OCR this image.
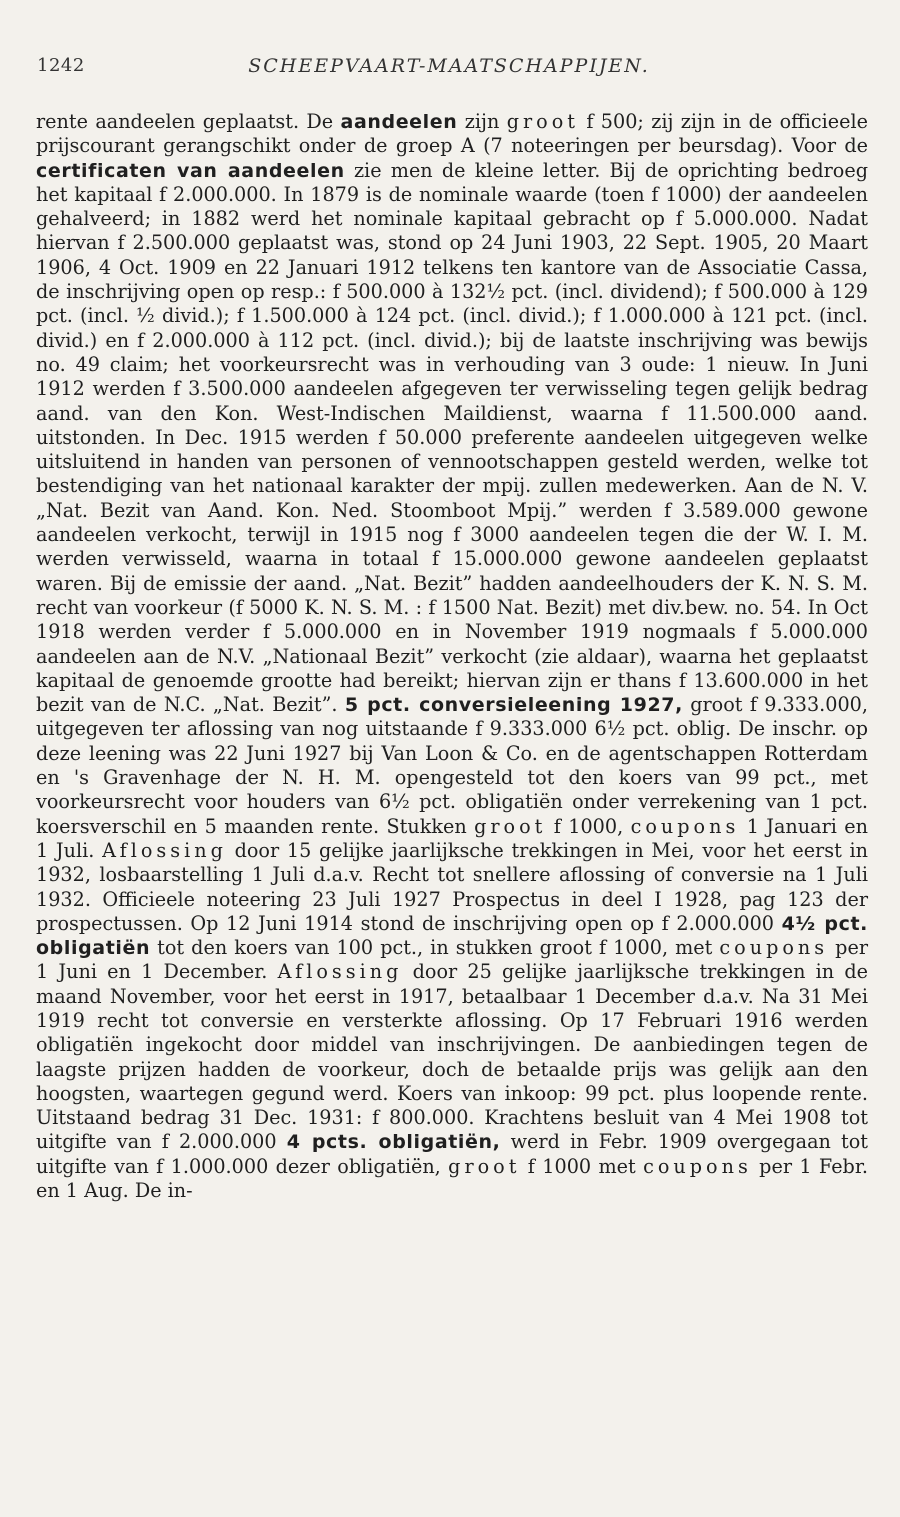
1242	SCHEEPVAART-MAATSCHAPPIJEN.

rente aandeelen geplaatst. De aandeelen zijn groot f 500; zij zijn in de officieele prijscourant gerangschikt onder de groep A (7 noteeringen per beursdag). Voor de certificaten van aandeelen zie men de kleine letter. Bij de oprichting bedroeg het kapitaal f 2.000.000. In 1879 is de nominale waarde (toen f 1000) der aandeelen gehalveerd; in 1882 werd het nominale kapitaal gebracht op f 5.000.000. Nadat hiervan f 2.500.000 geplaatst was, stond op 24 Juni 1903, 22 Sept. 1905, 20 Maart 1906, 4 Oct. 1909 en 22 Januari 1912 telkens ten kantore van de Associatie Cassa, de inschrijving open op resp.: f 500.000 à 132½ pct. (incl. dividend); f 500.000 à 129 pct. (incl. ½ divid.); f 1.500.000 à 124 pct. (incl. divid.); f 1.000.000 à 121 pct. (incl. divid.) en f 2.000.000 à 112 pct. (incl. divid.); bij de laatste inschrijving was bewijs no. 49 claim; het voorkeursrecht was in verhouding van 3 oude: 1 nieuw. In Juni 1912 werden f 3.500.000 aandeelen afgegeven ter verwisseling tegen gelijk bedrag aand. van den Kon. West-Indischen Maildienst, waarna f 11.500.000 aand. uitstonden. In Dec. 1915 werden f 50.000 preferente aandeelen uitgegeven welke uitsluitend in handen van personen of vennootschappen gesteld werden, welke tot bestendiging van het nationaal karakter der mpij. zullen medewerken. Aan de N. V. „Nat. Bezit van Aand. Kon. Ned. Stoomboot Mpij.” werden f 3.589.000 gewone aandeelen verkocht, terwijl in 1915 nog f 3000 aandeelen tegen die der W. I. M. werden verwisseld, waarna in totaal f 15.000.000 gewone aandeelen geplaatst waren. Bij de emissie der aand. „Nat. Bezit” hadden aandeelhouders der K. N. S. M. recht van voorkeur (f 5000 K. N. S. M. : f 1500 Nat. Bezit) met div.bew. no. 54. In Oct 1918 werden verder f 5.000.000 en in November 1919 nogmaals f 5.000.000 aandeelen aan de N.V. „Nationaal Bezit” verkocht (zie aldaar), waarna het geplaatst kapitaal de genoemde grootte had bereikt; hiervan zijn er thans f 13.600.000 in het bezit van de N.C. „Nat. Bezit”. 5 pct. conversieleening 1927, groot f 9.333.000, uitgegeven ter aflossing van nog uitstaande f 9.333.000 6½ pct. oblig. De inschr. op deze leening was 22 Juni 1927 bij Van Loon & Co. en de agentschappen Rotterdam en 's Gravenhage der N. H. M. opengesteld tot den koers van 99 pct., met voorkeursrecht voor houders van 6½ pct. obligatiën onder verrekening van 1 pct. koersverschil en 5 maanden rente. Stukken groot f 1000, coupons 1 Januari en 1 Juli. Aflossing door 15 gelijke jaarlijksche trekkingen in Mei, voor het eerst in 1932, losbaarstelling 1 Juli d.a.v. Recht tot snellere aflossing of conversie na 1 Juli 1932. Officieele noteering 23 Juli 1927 Prospectus in deel I 1928, pag 123 der prospectussen. Op 12 Juni 1914 stond de inschrijving open op f 2.000.000 4½ pct. obligatiën tot den koers van 100 pct., in stukken groot f 1000, met coupons per 1 Juni en 1 December. Aflossing door 25 gelijke jaarlijksche trekkingen in de maand November, voor het eerst in 1917, betaalbaar 1 December d.a.v. Na 31 Mei 1919 recht tot conversie en versterkte aflossing. Op 17 Februari 1916 werden obligatiën ingekocht door middel van inschrijvingen. De aanbiedingen tegen de laagste prijzen hadden de voorkeur, doch de betaalde prijs was gelijk aan den hoogsten, waartegen gegund werd. Koers van inkoop: 99 pct. plus loopende rente. Uitstaand bedrag 31 Dec. 1931: f 800.000. Krachtens besluit van 4 Mei 1908 tot uitgifte van f 2.000.000 4 pcts. obligatiën, werd in Febr. 1909 overgegaan tot uitgifte van f 1.000.000 dezer obligatiën, groot f 1000 met coupons per 1 Febr. en 1 Aug. De in-
